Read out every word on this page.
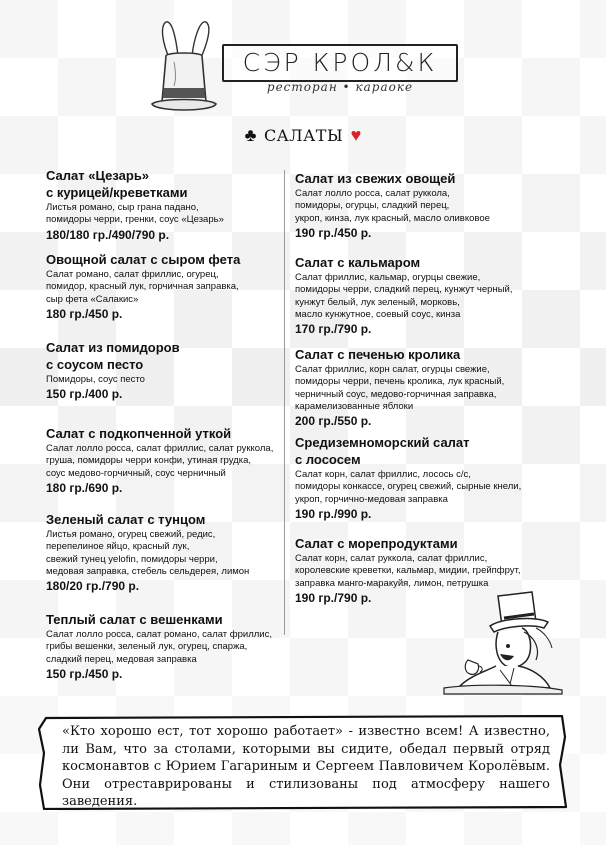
СЭР КРОЛ&К
ресторан • караоке
♣ САЛАТЫ ♥
Салат «Цезарь»
с курицей/креветками
Листья романо, сыр грана падано,
помидоры черри, гренки, соус «Цезарь»
180/180 гр./490/790 р.
Овощной салат с сыром фета
Салат романо, салат фриллис, огурец,
помидор, красный лук, горчичная заправка,
сыр фета «Салакис»
180 гр./450 р.
Салат из помидоров
с соусом песто
Помидоры, соус песто
150 гр./400 р.
Салат с подкопченной уткой
Салат лолло росса, салат фриллис, салат руккола,
груша, помидоры черри конфи, утиная грудка,
соус медово-горчичный, соус черничный
180 гр./690 р.
Зеленый салат с тунцом
Листья романо, огурец свежий, редис,
перепелиное яйцо, красный лук,
свежий тунец yelofin, помидоры черри,
медовая заправка, стебель сельдерея, лимон
180/20 гр./790 р.
Теплый салат с вешенками
Салат лолло росса, салат романо, салат фриллис,
грибы вешенки, зеленый лук, огурец, спаржа,
сладкий перец, медовая заправка
150 гр./450 р.
Салат из свежих овощей
Салат лолло росса, салат руккола,
помидоры, огурцы, сладкий перец,
укроп, кинза, лук красный, масло оливковое
190 гр./450 р.
Салат с кальмаром
Салат фриллис, кальмар, огурцы свежие,
помидоры черри, сладкий перец, кунжут черный,
кунжут белый, лук зеленый, морковь,
масло кунжутное, соевый соус, кинза
170 гр./790 р.
Салат с печенью кролика
Салат фриллис, корн салат, огурцы свежие,
помидоры черри, печень кролика, лук красный,
черничный соус, медово-горчичная заправка,
карамелизованные яблоки
200 гр./550 р.
Средиземноморский салат
с лососем
Салат корн, салат фриллис, лосось с/с,
помидоры конкассе, огурец свежий, сырные кнели,
укроп, горчично-медовая заправка
190 гр./990 р.
Салат с морепродуктами
Салат корн, салат руккола, салат фриллис,
королевские креветки, кальмар, мидии, грейпфрут,
заправка манго-маракуйя, лимон, петрушка
190 гр./790 р.
«Кто хорошо ест, тот хорошо работает» - известно всем! А известно, ли Вам, что за столами, которыми вы сидите, обедал первый отряд космонавтов с Юрием Гагариным и Сергеем Павловичем Королёвым. Они отреставрированы и стилизованы под атмосферу нашего заведения.
